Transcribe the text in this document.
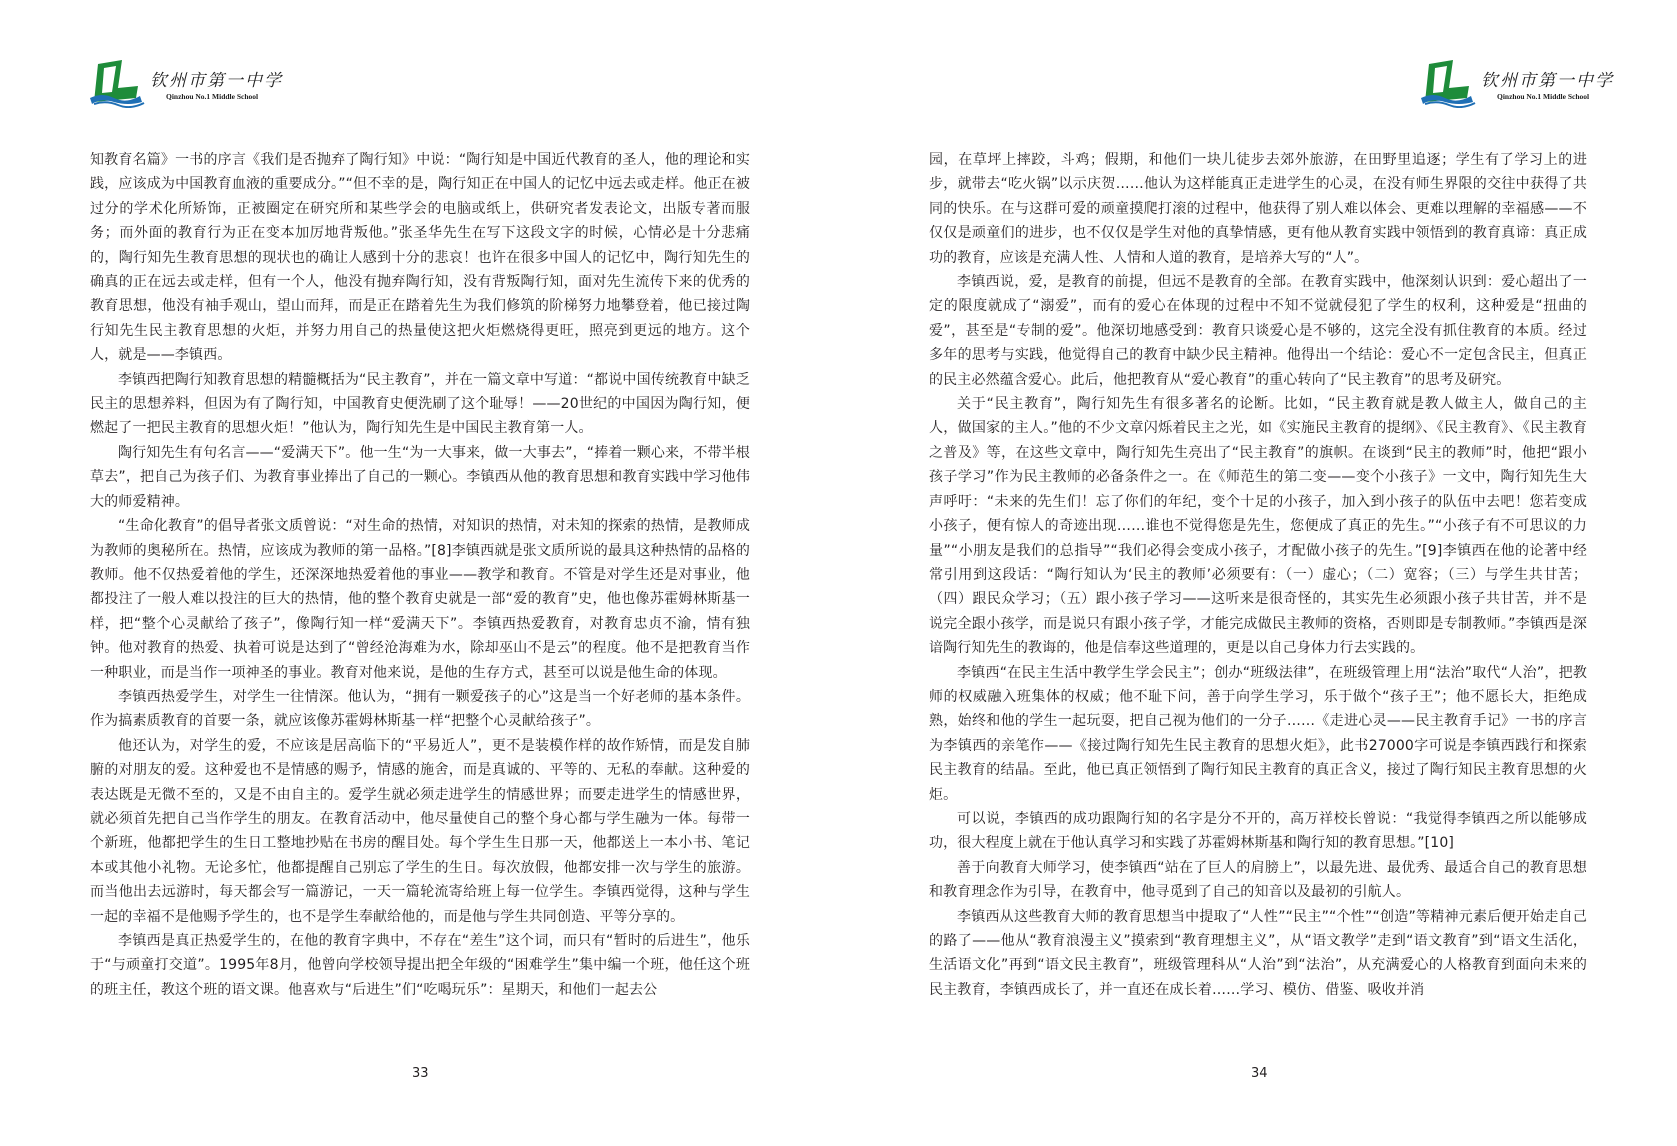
钦州市第一中学
Qinzhou No.1 Middle School

知教育名篇》一书的序言《我们是否抛弃了陶行知》中说：“陶行知是中国近代教育的圣人，他的理论和实践，应该成为中国教育血液的重要成分。”“但不幸的是，陶行知正在中国人的记忆中远去或走样。他正在被过分的学术化所矫饰，正被圈定在研究所和某些学会的电脑或纸上，供研究者发表论文，出版专著而服务；而外面的教育行为正在变本加厉地背叛他。”张圣华先生在写下这段文字的时候，心情必是十分悲痛的，陶行知先生教育思想的现状也的确让人感到十分的悲哀！也许在很多中国人的记忆中，陶行知先生的确真的正在远去或走样，但有一个人，他没有抛弃陶行知，没有背叛陶行知，面对先生流传下来的优秀的教育思想，他没有袖手观山，望山而拜，而是正在踏着先生为我们修筑的阶梯努力地攀登着，他已接过陶行知先生民主教育思想的火炬，并努力用自己的热量使这把火炬燃烧得更旺，照亮到更远的地方。这个人，就是——李镇西。

李镇西把陶行知教育思想的精髓概括为“民主教育”，并在一篇文章中写道：“都说中国传统教育中缺乏民主的思想养料，但因为有了陶行知，中国教育史便洗刷了这个耻辱！——20世纪的中国因为陶行知，便燃起了一把民主教育的思想火炬！”他认为，陶行知先生是中国民主教育第一人。

陶行知先生有句名言——“爱满天下”。他一生“为一大事来，做一大事去”，“捧着一颗心来，不带半根草去”，把自己为孩子们、为教育事业捧出了自己的一颗心。李镇西从他的教育思想和教育实践中学习他伟大的师爱精神。

“生命化教育”的倡导者张文质曾说：“对生命的热情，对知识的热情，对未知的探索的热情，是教师成为教师的奥秘所在。热情，应该成为教师的第一品格。”[8]李镇西就是张文质所说的最具这种热情的品格的教师。他不仅热爱着他的学生，还深深地热爱着他的事业——教学和教育。不管是对学生还是对事业，他都投注了一般人难以投注的巨大的热情，他的整个教育史就是一部“爱的教育”史，他也像苏霍姆林斯基一样，把“整个心灵献给了孩子”，像陶行知一样“爱满天下”。李镇西热爱教育，对教育忠贞不渝，情有独钟。他对教育的热爱、执着可说是达到了“曾经沧海难为水，除却巫山不是云”的程度。他不是把教育当作一种职业，而是当作一项神圣的事业。教育对他来说，是他的生存方式，甚至可以说是他生命的体现。

李镇西热爱学生，对学生一往情深。他认为，“拥有一颗爱孩子的心”这是当一个好老师的基本条件。作为搞素质教育的首要一条，就应该像苏霍姆林斯基一样“把整个心灵献给孩子”。

他还认为，对学生的爱，不应该是居高临下的“平易近人”，更不是装模作样的故作矫情，而是发自肺腑的对朋友的爱。这种爱也不是情感的赐予，情感的施舍，而是真诚的、平等的、无私的奉献。这种爱的表达既是无微不至的，又是不由自主的。爱学生就必须走进学生的情感世界；而要走进学生的情感世界，就必须首先把自己当作学生的朋友。在教育活动中，他尽量使自己的整个身心都与学生融为一体。每带一个新班，他都把学生的生日工整地抄贴在书房的醒目处。每个学生生日那一天，他都送上一本小书、笔记本或其他小礼物。无论多忙，他都提醒自己别忘了学生的生日。每次放假，他都安排一次与学生的旅游。而当他出去远游时，每天都会写一篇游记，一天一篇轮流寄给班上每一位学生。李镇西觉得，这种与学生一起的幸福不是他赐予学生的，也不是学生奉献给他的，而是他与学生共同创造、平等分享的。

李镇西是真正热爱学生的，在他的教育字典中，不存在“差生”这个词，而只有“暂时的后进生”，他乐于“与顽童打交道”。1995年8月，他曾向学校领导提出把全年级的“困难学生”集中编一个班，他任这个班的班主任，教这个班的语文课。他喜欢与“后进生”们“吃喝玩乐”：星期天，和他们一起去公

33
钦州市第一中学
Qinzhou No.1 Middle School

园，在草坪上摔跤，斗鸡；假期，和他们一块儿徒步去郊外旅游，在田野里追逐；学生有了学习上的进步，就带去“吃火锅”以示庆贺……他认为这样能真正走进学生的心灵，在没有师生界限的交往中获得了共同的快乐。在与这群可爱的顽童摸爬打滚的过程中，他获得了别人难以体会、更难以理解的幸福感——不仅仅是顽童们的进步，也不仅仅是学生对他的真挚情感，更有他从教育实践中领悟到的教育真谛：真正成功的教育，应该是充满人性、人情和人道的教育，是培养大写的“人”。

李镇西说，爱，是教育的前提，但远不是教育的全部。在教育实践中，他深刻认识到：爱心超出了一定的限度就成了“溺爱”，而有的爱心在体现的过程中不知不觉就侵犯了学生的权利，这种爱是“扭曲的爱”，甚至是“专制的爱”。他深切地感受到：教育只谈爱心是不够的，这完全没有抓住教育的本质。经过多年的思考与实践，他觉得自己的教育中缺少民主精神。他得出一个结论：爱心不一定包含民主，但真正的民主必然蕴含爱心。此后，他把教育从“爱心教育”的重心转向了“民主教育”的思考及研究。

关于“民主教育”，陶行知先生有很多著名的论断。比如，“民主教育就是教人做主人，做自己的主人，做国家的主人。”他的不少文章闪烁着民主之光，如《实施民主教育的提纲》、《民主教育》、《民主教育之普及》等，在这些文章中，陶行知先生亮出了“民主教育”的旗帜。在谈到“民主的教师”时，他把“跟小孩子学习”作为民主教师的必备条件之一。在《师范生的第二变——变个小孩子》一文中，陶行知先生大声呼吁：“未来的先生们！忘了你们的年纪，变个十足的小孩子，加入到小孩子的队伍中去吧！您若变成小孩子，便有惊人的奇迹出现……谁也不觉得您是先生，您便成了真正的先生。”“小孩子有不可思议的力量”“小朋友是我们的总指导”“我们必得会变成小孩子，才配做小孩子的先生。”[9]李镇西在他的论著中经常引用到这段话：“陶行知认为‘民主的教师’必须要有：（一）虚心；（二）宽容；（三）与学生共甘苦；（四）跟民众学习；（五）跟小孩子学习——这听来是很奇怪的，其实先生必须跟小孩子共甘苦，并不是说完全跟小孩学，而是说只有跟小孩子学，才能完成做民主教师的资格，否则即是专制教师。”李镇西是深谙陶行知先生的教诲的，他是信奉这些道理的，更是以自己身体力行去实践的。

李镇西“在民主生活中教学生学会民主”；创办“班级法律”，在班级管理上用“法治”取代“人治”，把教师的权威融入班集体的权威；他不耻下问，善于向学生学习，乐于做个“孩子王”；他不愿长大，拒绝成熟，始终和他的学生一起玩耍，把自己视为他们的一分子……《走进心灵——民主教育手记》一书的序言为李镇西的亲笔作——《接过陶行知先生民主教育的思想火炬》，此书27000字可说是李镇西践行和探索民主教育的结晶。至此，他已真正领悟到了陶行知民主教育的真正含义，接过了陶行知民主教育思想的火炬。

可以说，李镇西的成功跟陶行知的名字是分不开的，高万祥校长曾说：“我觉得李镇西之所以能够成功，很大程度上就在于他认真学习和实践了苏霍姆林斯基和陶行知的教育思想。”[10]

善于向教育大师学习，使李镇西“站在了巨人的肩膀上”，以最先进、最优秀、最适合自己的教育思想和教育理念作为引导，在教育中，他寻觅到了自己的知音以及最初的引航人。

李镇西从这些教育大师的教育思想当中提取了“人性”“民主”“个性”“创造”等精神元素后便开始走自己的路了——他从“教育浪漫主义”摸索到“教育理想主义”，从“语文教学”走到“语文教育”到“语文生活化，生活语文化”再到“语文民主教育”，班级管理科从“人治”到“法治”，从充满爱心的人格教育到面向未来的民主教育，李镇西成长了，并一直还在成长着……学习、模仿、借鉴、吸收并消

34
